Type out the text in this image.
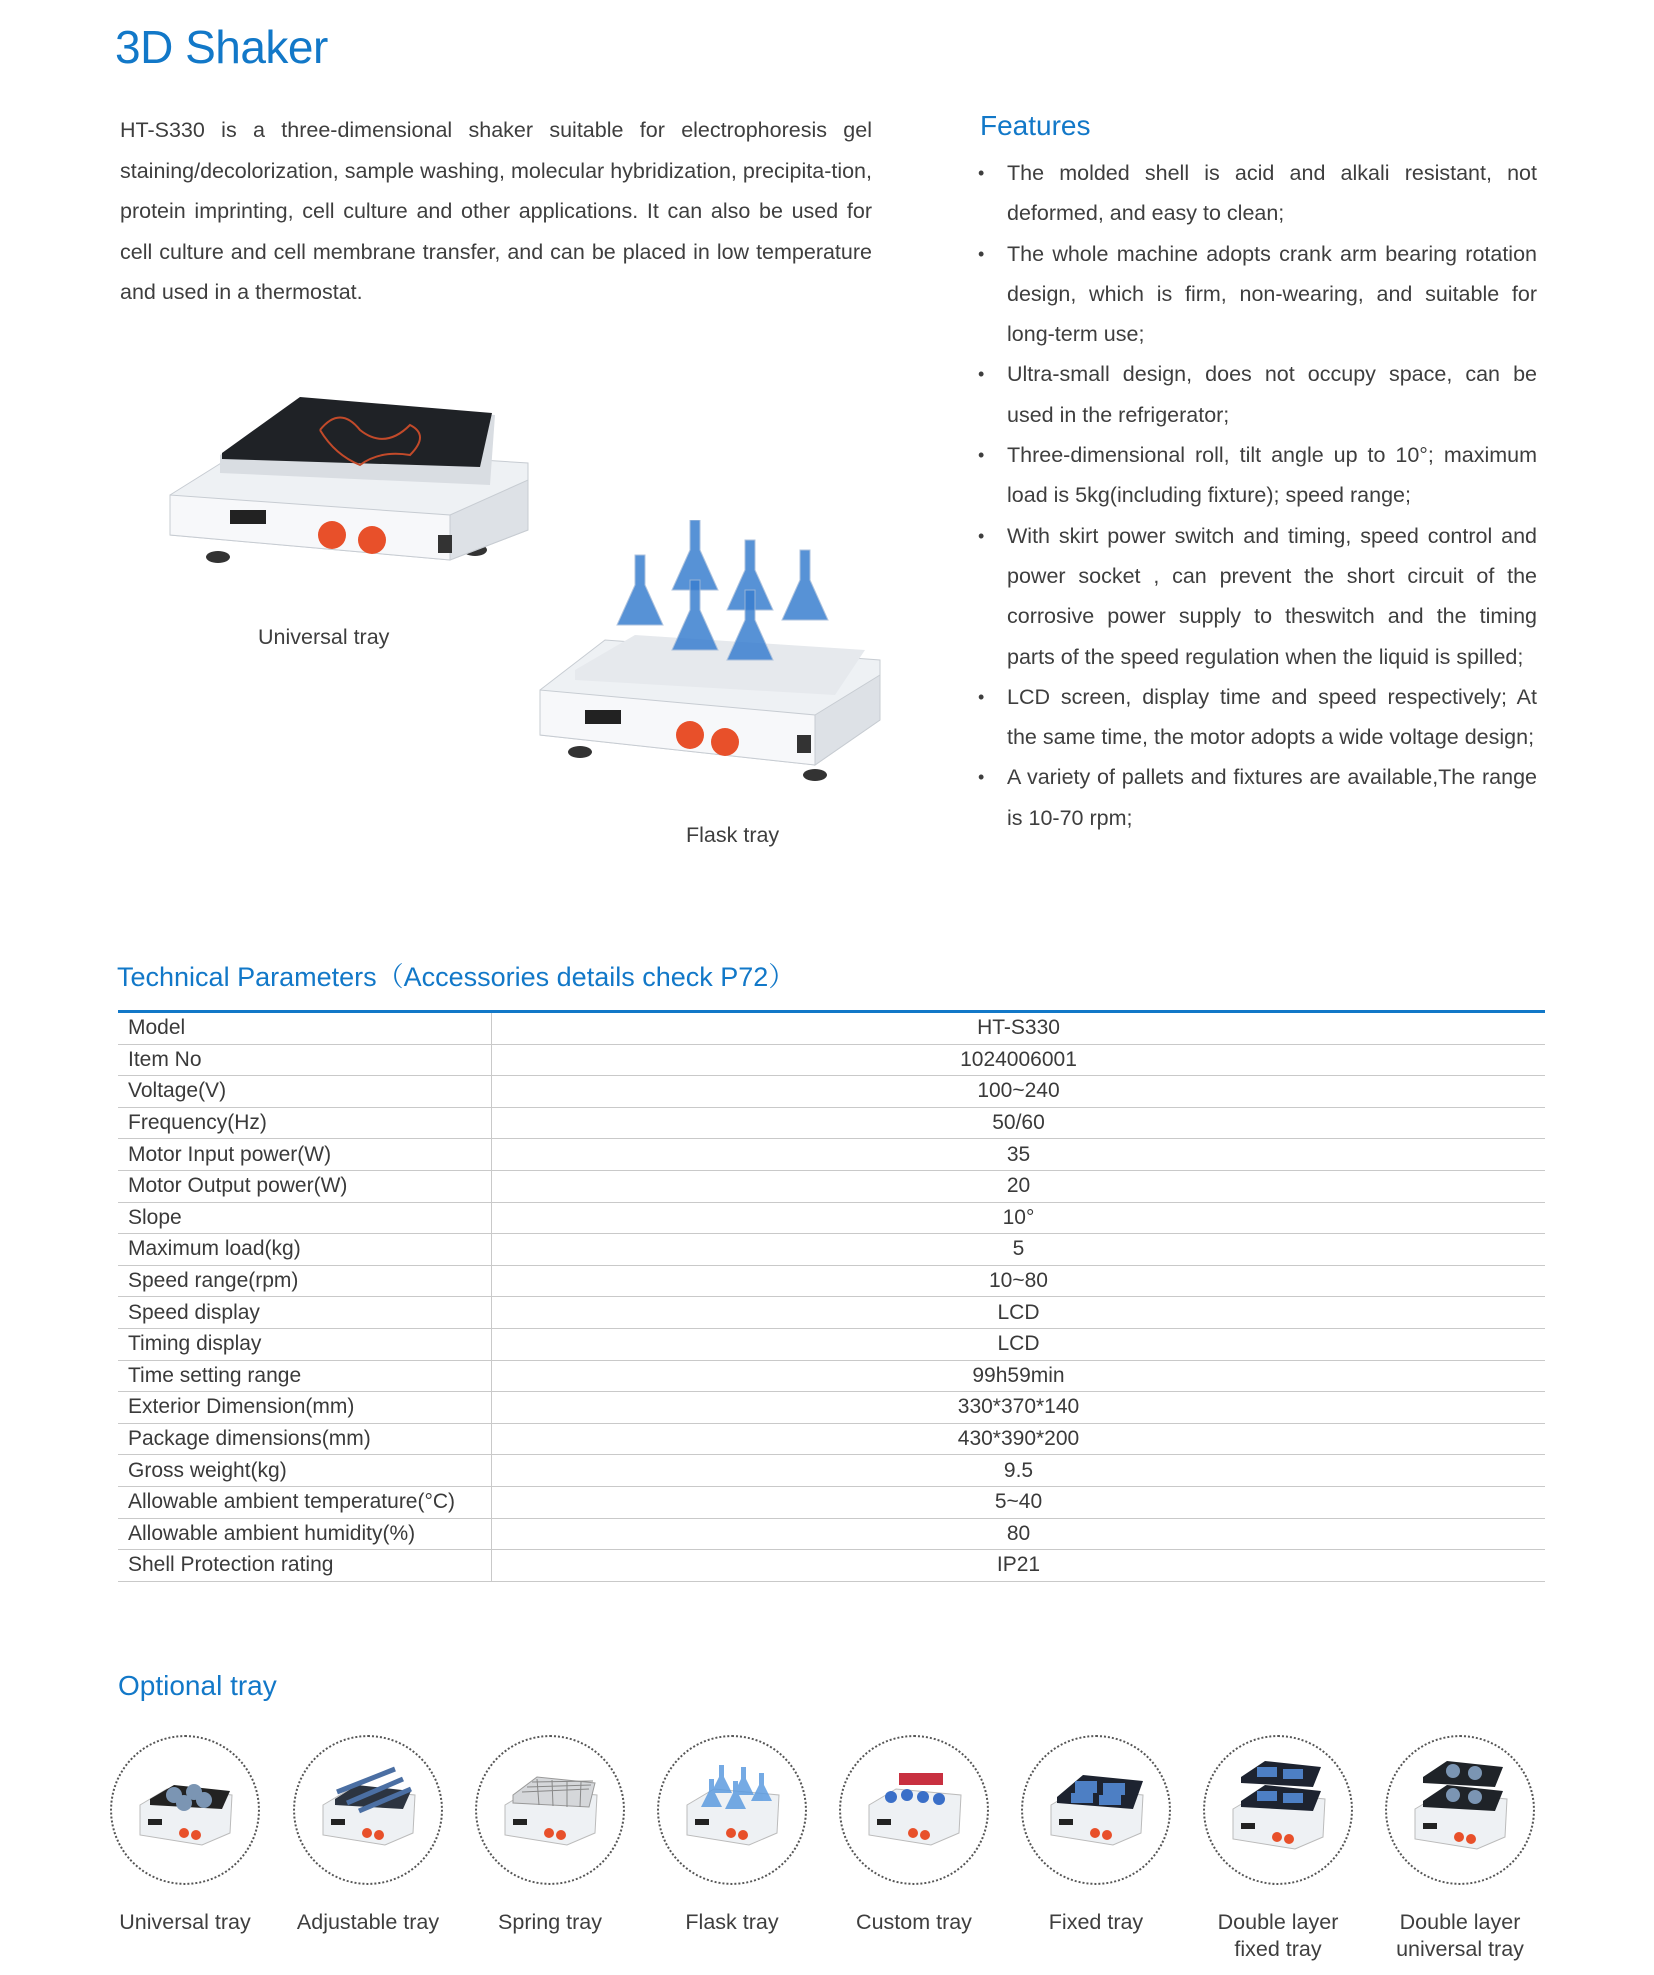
3D Shaker
HT-S330 is a three-dimensional shaker suitable for electrophoresis gel staining/decolorization, sample washing, molecular hybridization, precipita-tion, protein imprinting, cell culture and other applications. It can also be used for cell culture and cell membrane transfer, and can be placed in low temperature and used in a thermostat.
Features
• The molded shell is acid and alkali resistant, not deformed, and easy to clean;
• The whole machine adopts crank arm bearing rotation design, which is firm, non-wearing, and suitable for long-term use;
• Ultra-small design, does not occupy space, can be used in the refrigerator;
• Three-dimensional roll, tilt angle up to 10°; maximum load is 5kg(including fixture); speed range;
• With skirt power switch and timing, speed control and power socket , can prevent the short circuit of the corrosive power supply to theswitch and the timing parts of the speed regulation when the liquid is spilled;
• LCD screen, display time and speed respectively; At the same time, the motor adopts a wide voltage design;
• A variety of pallets and fixtures are available,The range is 10-70 rpm;
Universal tray
Flask tray
Technical Parameters（Accessories details check P72）
Model	HT-S330
Item No	1024006001
Voltage(V)	100~240
Frequency(Hz)	50/60
Motor Input power(W)	35
Motor Output power(W)	20
Slope	10°
Maximum load(kg)	5
Speed range(rpm)	10~80
Speed display	LCD
Timing display	LCD
Time setting range	99h59min
Exterior Dimension(mm)	330*370*140
Package dimensions(mm)	430*390*200
Gross weight(kg)	9.5
Allowable ambient temperature(°C)	5~40
Allowable ambient humidity(%)	80
Shell Protection rating	IP21
Optional tray
Universal tray	Adjustable tray	Spring tray	Flask tray	Custom tray	Fixed tray	Double layer
fixed tray
Double layer
universal tray
